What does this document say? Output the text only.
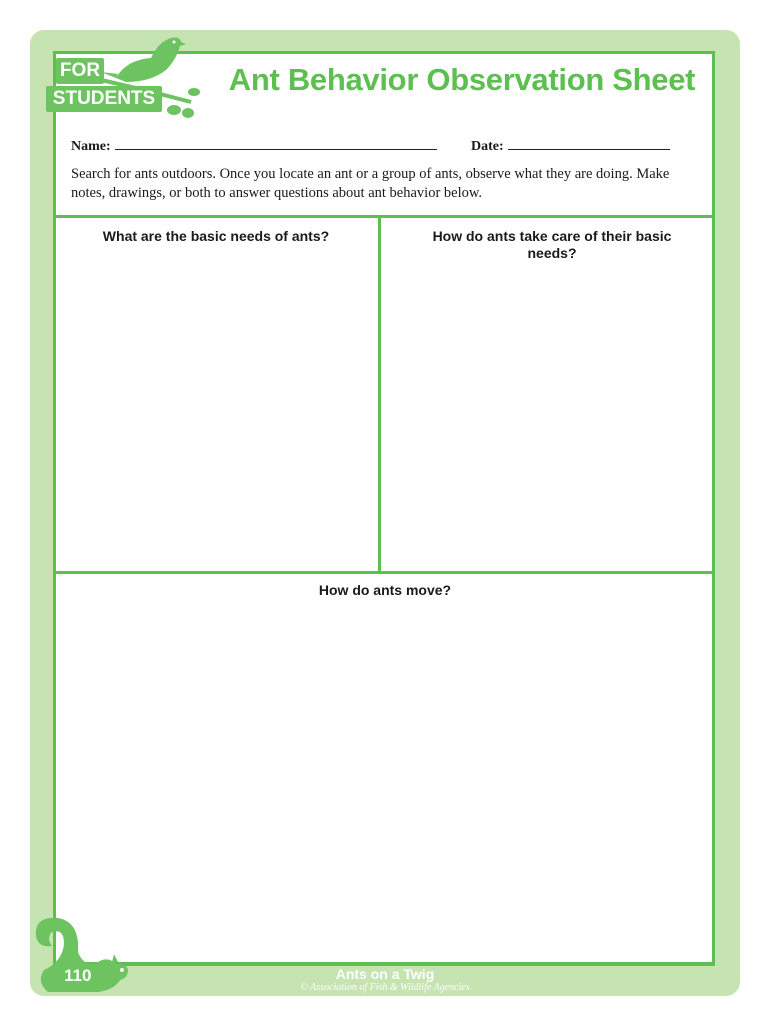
FOR
STUDENTS
Ant Behavior Observation Sheet
Name:	Date:
Search for ants outdoors. Once you locate an ant or a group of ants, observe what they are doing. Make notes, drawings, or both to answer questions about ant behavior below.
What are the basic needs of ants?	How do ants take care of their basic needs?
How do ants move?
110	Ants on a Twig
© Association of Fish & Wildlife Agencies
